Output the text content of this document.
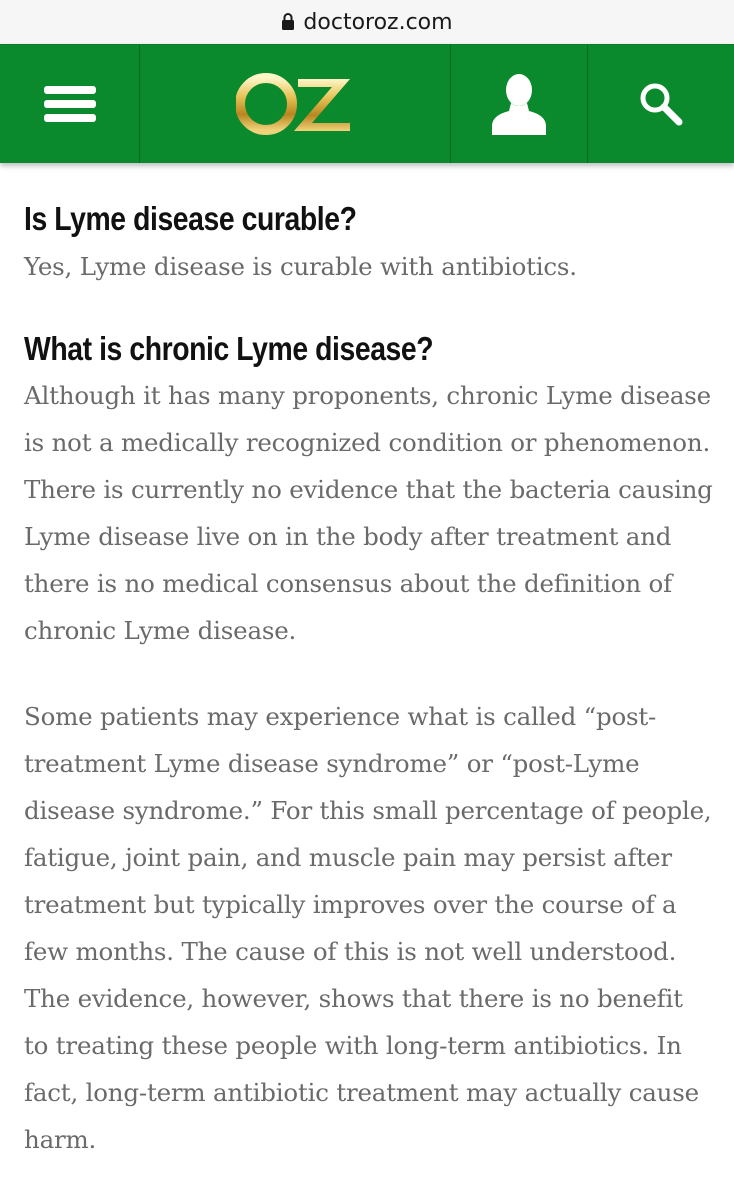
doctoroz.com
Is Lyme disease curable?

Yes, Lyme disease is curable with antibiotics.

What is chronic Lyme disease?

Although it has many proponents, chronic Lyme disease is not a medically recognized condition or phenomenon. There is currently no evidence that the bacteria causing Lyme disease live on in the body after treatment and there is no medical consensus about the definition of chronic Lyme disease.

Some patients may experience what is called “post-treatment Lyme disease syndrome” or “post-Lyme disease syndrome.” For this small percentage of people, fatigue, joint pain, and muscle pain may persist after treatment but typically improves over the course of a few months. The cause of this is not well understood. The evidence, however, shows that there is no benefit to treating these people with long-term antibiotics. In fact, long-term antibiotic treatment may actually cause harm.
